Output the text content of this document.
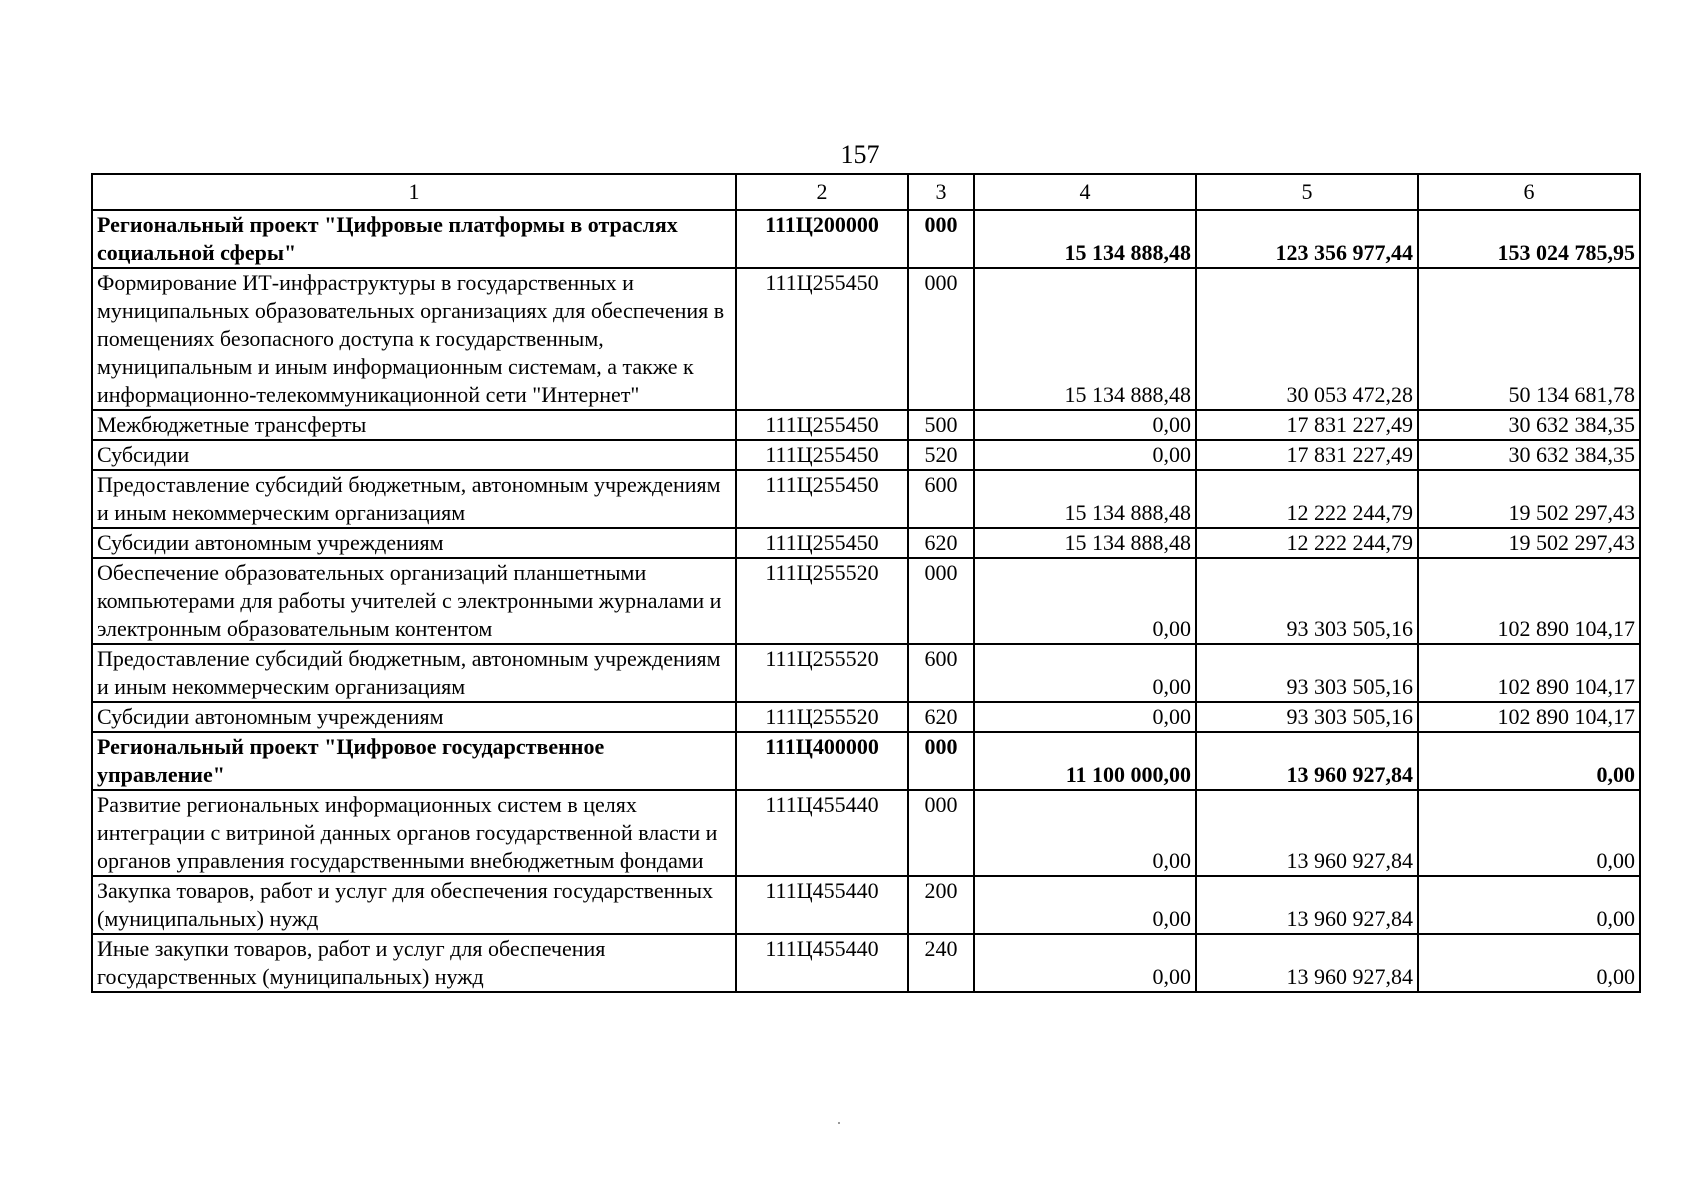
157
1	2	3	4	5	6
Региональный проект "Цифровые платформы в отраслях социальной сферы"	111Ц200000	000	15 134 888,48	123 356 977,44	153 024 785,95
Формирование ИТ-инфраструктуры в государственных и муниципальных образовательных организациях для обеспечения в помещениях безопасного доступа к государственным, муниципальным и иным информационным системам, а также к информационно-телекоммуникационной сети "Интернет"	111Ц255450	000	15 134 888,48	30 053 472,28	50 134 681,78
Межбюджетные трансферты	111Ц255450	500	0,00	17 831 227,49	30 632 384,35
Субсидии	111Ц255450	520	0,00	17 831 227,49	30 632 384,35
Предоставление субсидий бюджетным, автономным учреждениям и иным некоммерческим организациям	111Ц255450	600	15 134 888,48	12 222 244,79	19 502 297,43
Субсидии автономным учреждениям	111Ц255450	620	15 134 888,48	12 222 244,79	19 502 297,43
Обеспечение образовательных организаций планшетными компьютерами для работы учителей с электронными журналами и электронным образовательным контентом	111Ц255520	000	0,00	93 303 505,16	102 890 104,17
Предоставление субсидий бюджетным, автономным учреждениям и иным некоммерческим организациям	111Ц255520	600	0,00	93 303 505,16	102 890 104,17
Субсидии автономным учреждениям	111Ц255520	620	0,00	93 303 505,16	102 890 104,17
Региональный проект "Цифровое государственное управление"	111Ц400000	000	11 100 000,00	13 960 927,84	0,00
Развитие региональных информационных систем в целях интеграции с витриной данных органов государственной власти и органов управления государственными внебюджетным фондами	111Ц455440	000	0,00	13 960 927,84	0,00
Закупка товаров, работ и услуг для обеспечения государственных (муниципальных) нужд	111Ц455440	200	0,00	13 960 927,84	0,00
Иные закупки товаров, работ и услуг для обеспечения государственных (муниципальных) нужд	111Ц455440	240	0,00	13 960 927,84	0,00
